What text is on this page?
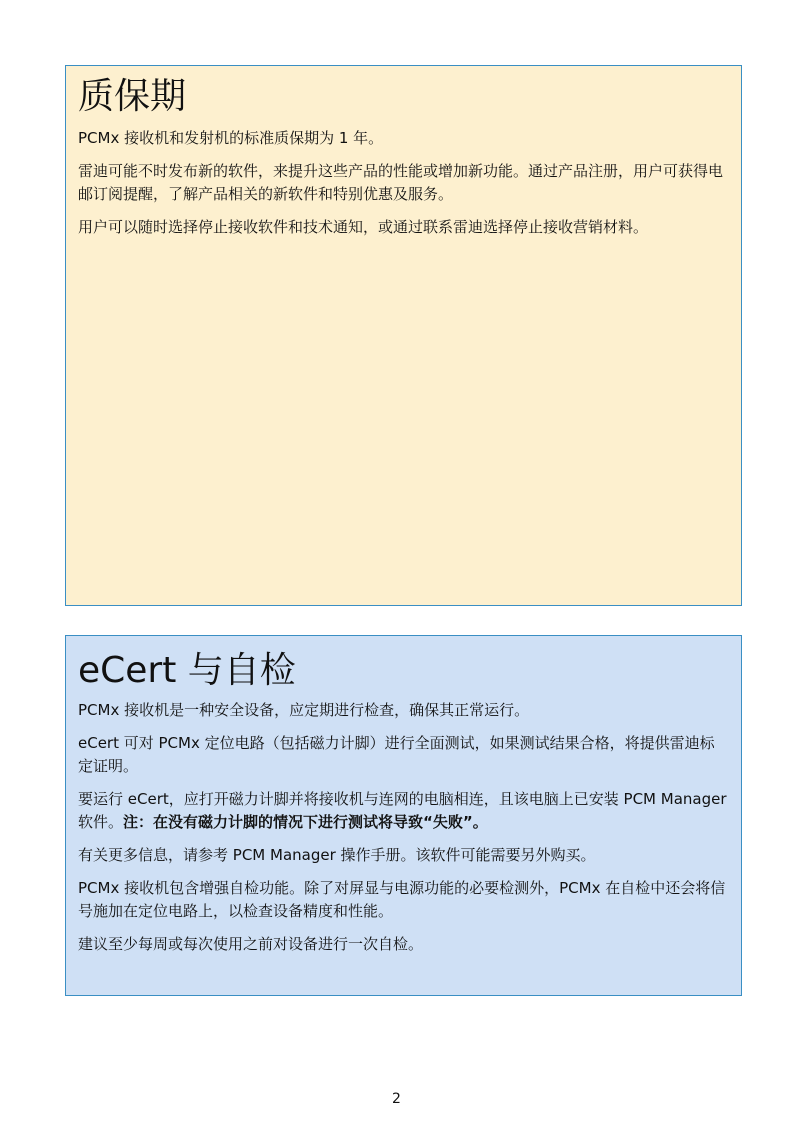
质保期

PCMx 接收机和发射机的标准质保期为 1 年。

雷迪可能不时发布新的软件，来提升这些产品的性能或增加新功能。通过产品注册，用户可获得电邮订阅提醒，了解产品相关的新软件和特别优惠及服务。

用户可以随时选择停止接收软件和技术通知，或通过联系雷迪选择停止接收营销材料。

eCert 与自检

PCMx 接收机是一种安全设备，应定期进行检查，确保其正常运行。

eCert 可对 PCMx 定位电路（包括磁力计脚）进行全面测试，如果测试结果合格，将提供雷迪标定证明。

要运行 eCert，应打开磁力计脚并将接收机与连网的电脑相连，且该电脑上已安装 PCM Manager 软件。注：在没有磁力计脚的情况下进行测试将导致“失败”。

有关更多信息，请参考 PCM Manager 操作手册。该软件可能需要另外购买。

PCMx 接收机包含增强自检功能。除了对屏显与电源功能的必要检测外，PCMx 在自检中还会将信号施加在定位电路上，以检查设备精度和性能。

建议至少每周或每次使用之前对设备进行一次自检。

2
